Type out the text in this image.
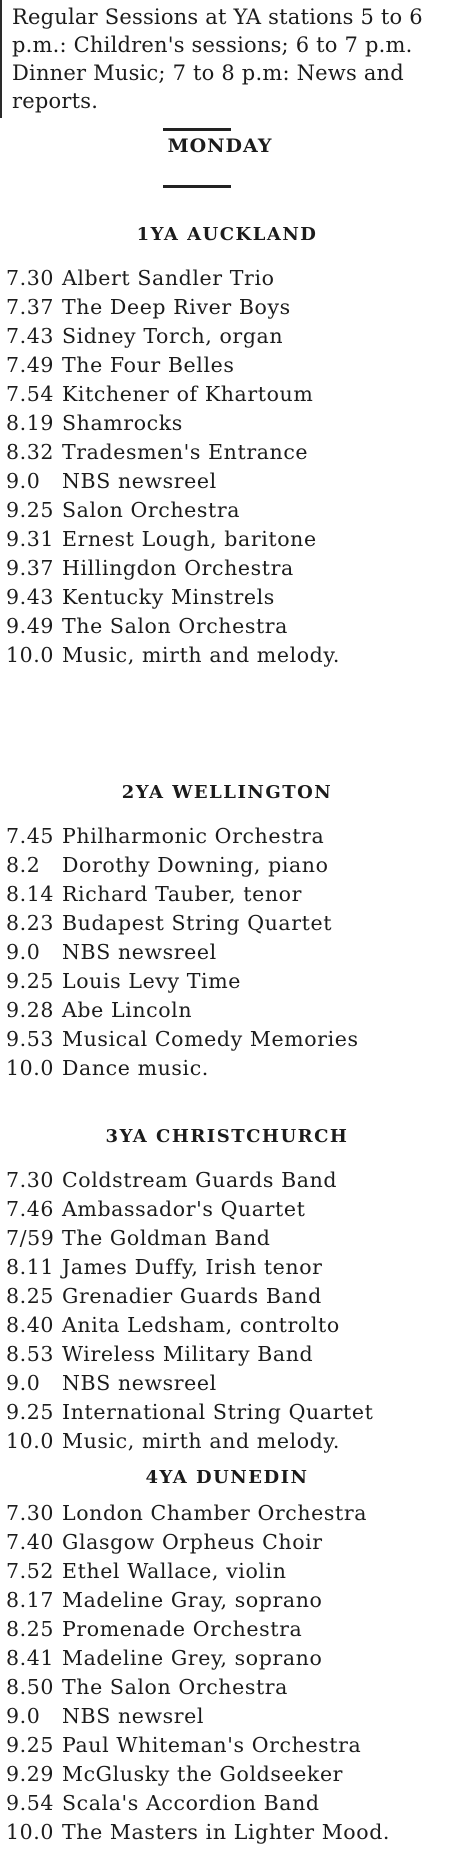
Regular Sessions at YA stations 5 to 6 p.m.: Children's sessions; 6 to 7 p.m. Dinner Music; 7 to 8 p.m: News and reports.

MONDAY
1YA AUCKLAND
7.30 Albert Sandler Trio
7.37 The Deep River Boys
7.43 Sidney Torch, organ
7.49 The Four Belles
7.54 Kitchener of Khartoum
8.19 Shamrocks
8.32 Tradesmen's Entrance
9.0	NBS newsreel
9.25 Salon Orchestra
9.31 Ernest Lough, baritone
9.37 Hillingdon Orchestra
9.43 Kentucky Minstrels
9.49 The Salon Orchestra
10.0 Music, mirth and melody.
2YA WELLINGTON
7.45 Philharmonic Orchestra
8.2	Dorothy Downing, piano
8.14 Richard Tauber, tenor
8.23 Budapest String Quartet
9.0	NBS newsreel
9.25 Louis Levy Time
9.28 Abe Lincoln
9.53 Musical Comedy Memories
10.0 Dance music.
3YA CHRISTCHURCH
7.30 Coldstream Guards Band
7.46 Ambassador's Quartet
7/59 The Goldman Band
8.11 James Duffy, Irish tenor
8.25 Grenadier Guards Band
8.40 Anita Ledsham, controlto
8.53 Wireless Military Band
9.0	NBS newsreel
9.25 International String Quartet
10.0 Music, mirth and melody.
4YA DUNEDIN
7.30 London Chamber Orchestra
7.40 Glasgow Orpheus Choir
7.52 Ethel Wallace, violin
8.17 Madeline Gray, soprano
8.25 Promenade Orchestra
8.41 Madeline Grey, soprano
8.50 The Salon Orchestra
9.0	NBS newsrel
9.25 Paul Whiteman's Orchestra
9.29 McGlusky the Goldseeker
9.54 Scala's Accordion Band
10.0 The Masters in Lighter Mood.
